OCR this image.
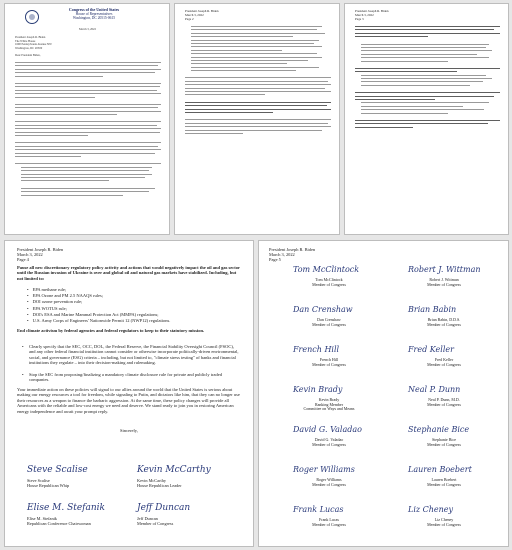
Congress of the United States
House of Representatives
Washington, DC 20515-0615
March 3, 2022
President Joseph R. Biden
The White House
1600 Pennsylvania Avenue NW
Washington, DC 20500
Dear President Biden,
President Joseph R. Biden
March 3, 2022
Page 2
President Joseph R. Biden
March 3, 2022
Page 3
President Joseph R. Biden
March 3, 2022
Page 4
Pause all new discretionary regulatory policy activity and actions that would negatively impact the oil and gas sector until the Russian invasion of Ukraine is over and global oil and natural gas markets have stabilized. Including, but not limited to:
• EPA methane rule;
• EPA Ozone and PM 2.5 NAAQS rules;
• DOI ozone prevention rule;
• EPA WOTUS rule;
• DOI's ESA and Marine Mammal Protection Act (MMPA) regulations;
• U.S. Army Corps of Engineers' Nationwide Permit 12 (NWP12) regulations.
End climate activism by federal agencies and federal regulators to keep to their statutory mission.
• Clearly specify that the SEC, OCC, DOL, the Federal Reserve, the Financial Stability Oversight Council (FSOC), and any other federal financial institution cannot consider or otherwise incorporate politically-driven environmental, social, and governance (ESG) criteria – including, but not limited to, "climate stress testing" of banks and financial institutions they regulate – into their decision-making and rulemaking.
• Stop the SEC from proposing/finalizing a mandatory climate disclosure rule for private and publicly traded companies.
Your immediate action on these policies will signal to our allies around the world that the United States is serious about making our energy resources a tool for freedom, while signaling to Putin, and dictators like him, that they can no longer use their resources as a weapon to finance the barbaric aggression. At the same time, these policy changes will provide all Americans with the reliable and low-cost energy we need and deserve. We stand ready to join you in restoring American energy independence and await your prompt reply.
Sincerely,
Steve Scalise
Steve Scalise
House Republican Whip
Kevin McCarthy
Kevin McCarthy
House Republican Leader
Elise M. Stefanik
Elise M. Stefanik
Republican Conference Chairwoman
Jeff Duncan
Jeff Duncan
Member of Congress
President Joseph R. Biden
March 3, 2022
Page 5
Tom McClintock
Tom McClintock
Member of Congress
Robert J. Wittman
Robert J. Wittman
Member of Congress
Dan Crenshaw
Dan Crenshaw
Member of Congress
Brian Babin
Brian Babin, D.D.S.
Member of Congress
French Hill
French Hill
Member of Congress
Fred Keller
Fred Keller
Member of Congress
Kevin Brady
Kevin Brady
Ranking Member
Committee on Ways and Means
Neal P. Dunn
Neal P. Dunn, M.D.
Member of Congress
David G. Valadao
David G. Valadao
Member of Congress
Stephanie Bice
Stephanie Bice
Member of Congress
Roger Williams
Roger Williams
Member of Congress
Lauren Boebert
Lauren Boebert
Member of Congress
Frank Lucas
Frank Lucas
Member of Congress
Liz Cheney
Liz Cheney
Member of Congress
